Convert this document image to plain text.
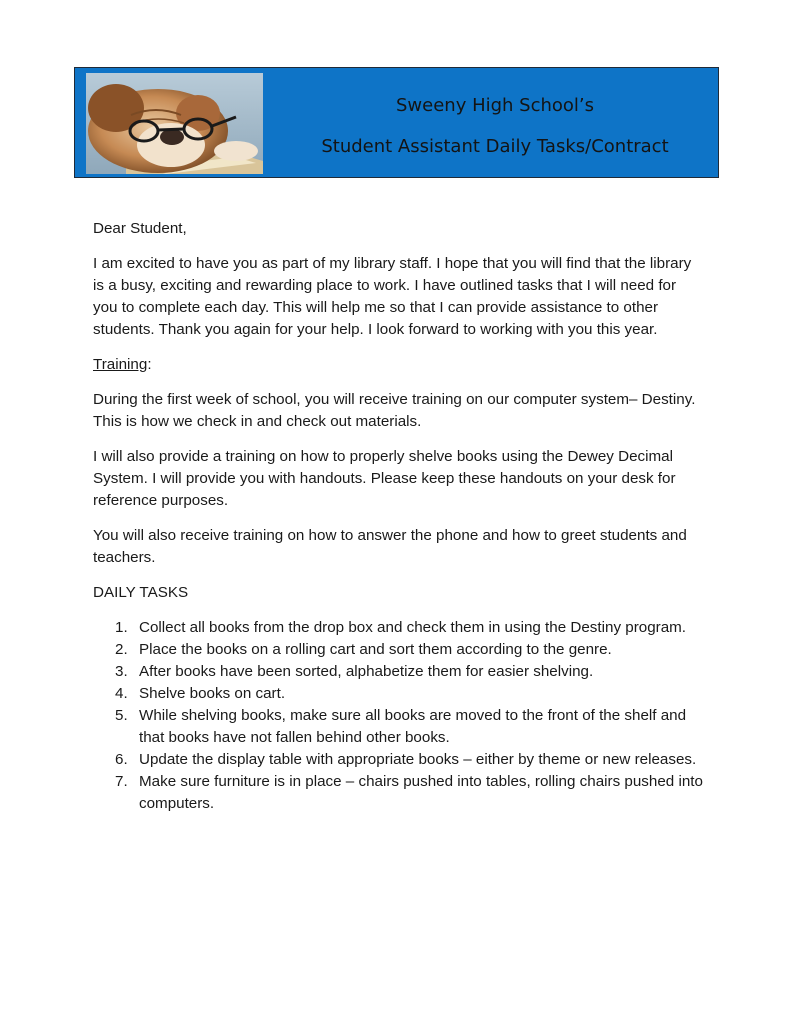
Sweeny High School’s
Student Assistant Daily Tasks/Contract

Dear Student,

I am excited to have you as part of my library staff. I hope that you will find that the library is a busy, exciting and rewarding place to work. I have outlined tasks that I will need for you to complete each day. This will help me so that I can provide assistance to other students. Thank you again for your help. I look forward to working with you this year.

Training:

During the first week of school, you will receive training on our computer system– Destiny. This is how we check in and check out materials.

I will also provide a training on how to properly shelve books using the Dewey Decimal System. I will provide you with handouts. Please keep these handouts on your desk for reference purposes.

You will also receive training on how to answer the phone and how to greet students and teachers.

DAILY TASKS

1. Collect all books from the drop box and check them in using the Destiny program.
2. Place the books on a rolling cart and sort them according to the genre.
3. After books have been sorted, alphabetize them for easier shelving.
4. Shelve books on cart.
5. While shelving books, make sure all books are moved to the front of the shelf and that books have not fallen behind other books.
6. Update the display table with appropriate books – either by theme or new releases.
7. Make sure furniture is in place – chairs pushed into tables, rolling chairs pushed into computers.
